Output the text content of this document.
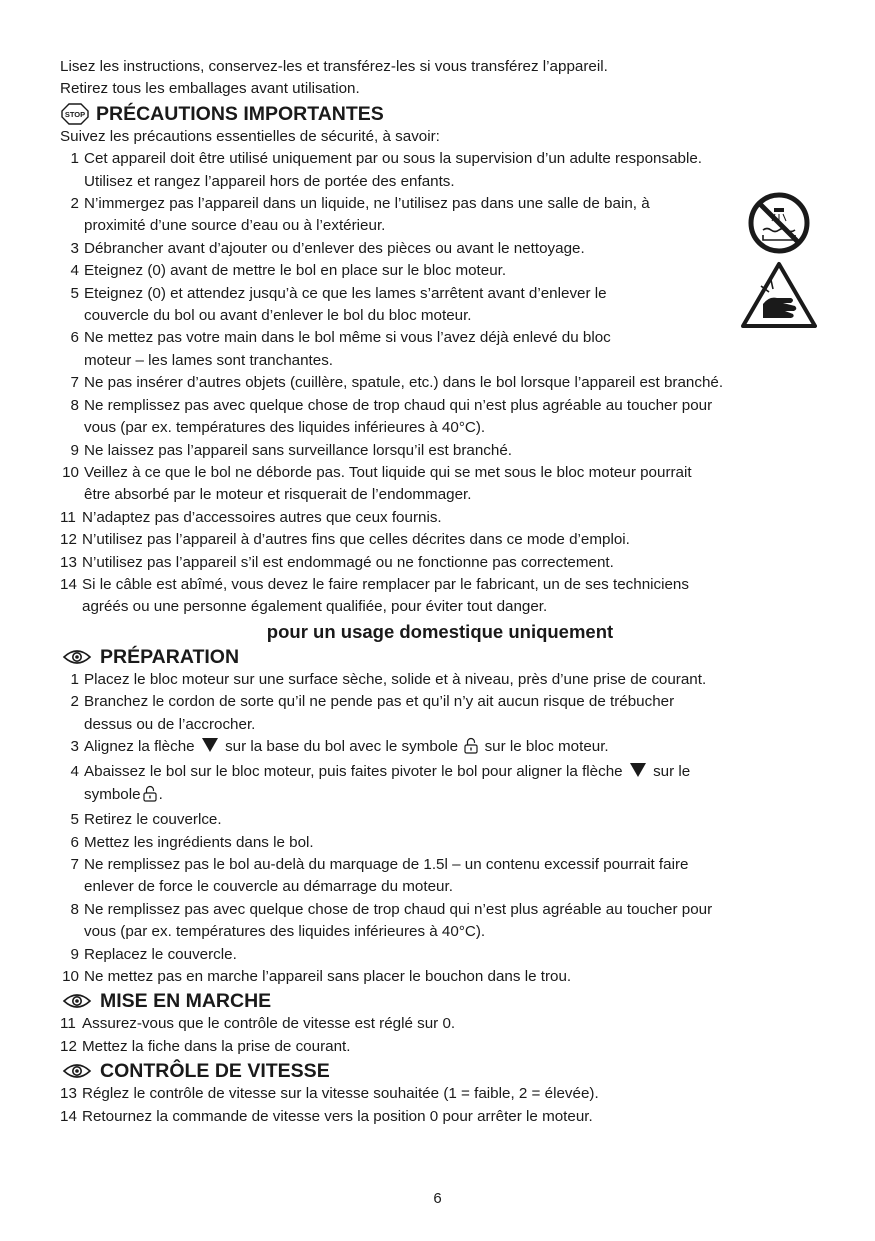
Lisez les instructions, conservez-les et transférez-les si vous transférez l’appareil.

Retirez tous les emballages avant utilisation.

STOP PRÉCAUTIONS IMPORTANTES

Suivez les précautions essentielles de sécurité, à savoir:

1 Cet appareil doit être utilisé uniquement par ou sous la supervision d’un adulte responsable.
Utilisez et rangez l’appareil hors de portée des enfants.
2 N’immergez pas l’appareil dans un liquide, ne l’utilisez pas dans une salle de bain, à
proximité d’une source d’eau ou à l’extérieur.
3 Débrancher avant d’ajouter ou d’enlever des pièces ou avant le nettoyage.
4 Eteignez (0) avant de mettre le bol en place sur le bloc moteur.
5 Eteignez (0) et attendez jusqu’à ce que les lames s’arrêtent avant d’enlever le
couvercle du bol ou avant d’enlever le bol du bloc moteur.
6 Ne mettez pas votre main dans le bol même si vous l’avez déjà enlevé du bloc
moteur – les lames sont tranchantes.
7 Ne pas insérer d’autres objets (cuillère, spatule, etc.) dans le bol lorsque l’appareil est branché.
8 Ne remplissez pas avec quelque chose de trop chaud qui n’est plus agréable au toucher pour
vous (par ex. températures des liquides inférieures à 40°C).
9 Ne laissez pas l’appareil sans surveillance lorsqu’il est branché.
10 Veillez à ce que le bol ne déborde pas. Tout liquide qui se met sous le bloc moteur pourrait
être absorbé par le moteur et risquerait de l’endommager.
11 N’adaptez pas d’accessoires autres que ceux fournis.
12 N’utilisez pas l’appareil à d’autres fins que celles décrites dans ce mode d’emploi.
13 N’utilisez pas l’appareil s’il est endommagé ou ne fonctionne pas correctement.
14 Si le câble est abîmé, vous devez le faire remplacer par le fabricant, un de ses techniciens
agréés ou une personne également qualifiée, pour éviter tout danger.
pour un usage domestique uniquement
PRÉPARATION
1 Placez le bloc moteur sur une surface sèche, solide et à niveau, près d’une prise de courant.
2 Branchez le cordon de sorte qu’il ne pende pas et qu’il n’y ait aucun risque de trébucher
dessus ou de l’accrocher.
3 Alignez la flèche sur la base du bol avec le symbole sur le bloc moteur.
4 Abaissez le bol sur le bloc moteur, puis faites pivoter le bol pour aligner la flèche sur le
symbole .
5 Retirez le couverlce.
6 Mettez les ingrédients dans le bol.
7 Ne remplissez pas le bol au-delà du marquage de 1.5l – un contenu excessif pourrait faire
enlever de force le couvercle au démarrage du moteur.
8 Ne remplissez pas avec quelque chose de trop chaud qui n’est plus agréable au toucher pour
vous (par ex. températures des liquides inférieures à 40°C).
9 Replacez le couvercle.
10 Ne mettez pas en marche l’appareil sans placer le bouchon dans le trou.
MISE EN MARCHE
11 Assurez-vous que le contrôle de vitesse est réglé sur 0.
12 Mettez la fiche dans la prise de courant.
CONTRÔLE DE VITESSE
13 Réglez le contrôle de vitesse sur la vitesse souhaitée (1 = faible, 2 = élevée).
14 Retournez la commande de vitesse vers la position 0 pour arrêter le moteur.
6
